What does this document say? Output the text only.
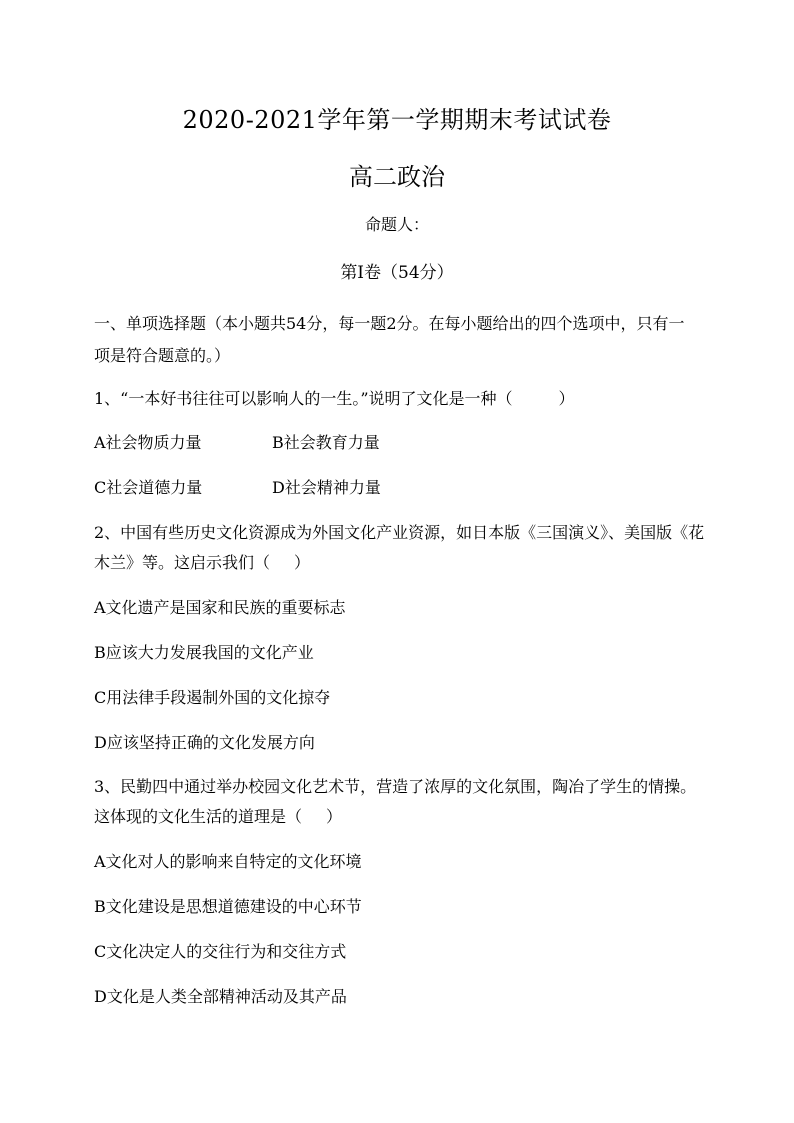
2020-2021学年第一学期期末考试试卷
高二政治
命题人：
第Ⅰ卷（54分）
一、单项选择题（本小题共54分，每一题2分。在每小题给出的四个选项中，只有一
项是符合题意的。）
1、“一本好书往往可以影响人的一生。”说明了文化是一种（	）
A社会物质力量	B社会教育力量
C社会道德力量	D社会精神力量
2、中国有些历史文化资源成为外国文化产业资源，如日本版《三国演义》、美国版《花
木兰》等。这启示我们（ ）
A文化遗产是国家和民族的重要标志
B应该大力发展我国的文化产业
C用法律手段遏制外国的文化掠夺
D应该坚持正确的文化发展方向
3、民勤四中通过举办校园文化艺术节，营造了浓厚的文化氛围，陶冶了学生的情操。
这体现的文化生活的道理是（ ）
A文化对人的影响来自特定的文化环境
B文化建设是思想道德建设的中心环节
C文化决定人的交往行为和交往方式
D文化是人类全部精神活动及其产品
